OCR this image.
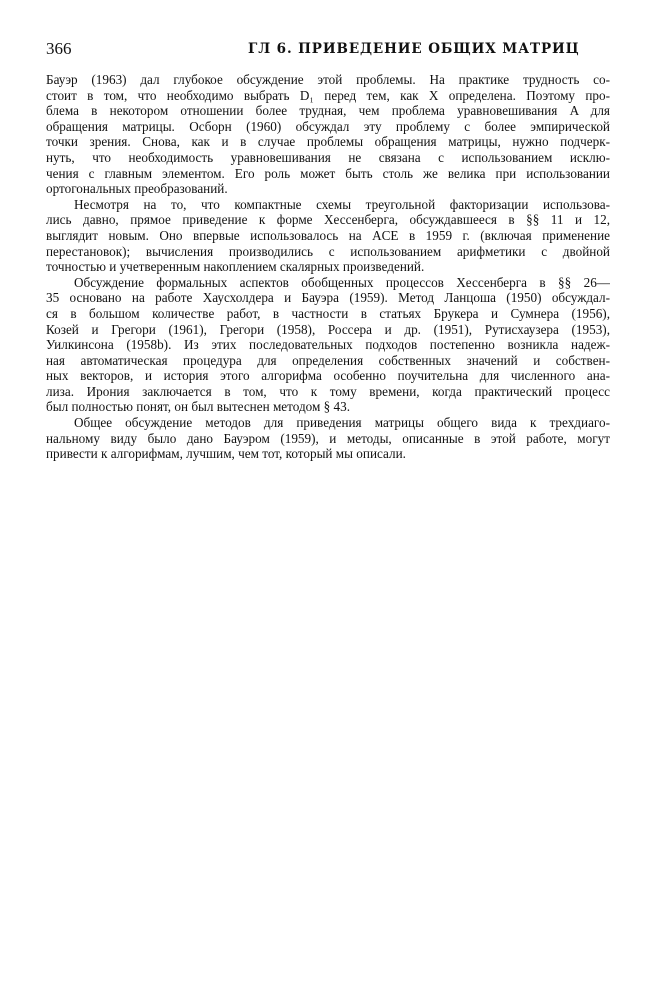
366	ГЛ 6. ПРИВЕДЕНИЕ ОБЩИХ МАТРИЦ
Бауэр (1963) дал глубокое обсуждение этой проблемы. На практике трудность со-
стоит в том, что необходимо выбрать D₁ перед тем, как X определена. Поэтому про-
блема в некотором отношении более трудная, чем проблема уравновешивания A для
обращения матрицы. Осборн (1960) обсуждал эту проблему с более эмпирической
точки зрения. Снова, как и в случае проблемы обращения матрицы, нужно подчерк-
нуть, что необходимость уравновешивания не связана с использованием исклю-
чения с главным элементом. Его роль может быть столь же велика при использовании
ортогональных преобразований.
Несмотря на то, что компактные схемы треугольной факторизации использова-
лись давно, прямое приведение к форме Хессенберга, обсуждавшееся в §§ 11 и 12,
выглядит новым. Оно впервые использовалось на ACE в 1959 г. (включая применение
перестановок); вычисления производились с использованием арифметики с двойной
точностью и учетверенным накоплением скалярных произведений.
Обсуждение формальных аспектов обобщенных процессов Хессенберга в §§ 26—
35 основано на работе Хаусхолдера и Бауэра (1959). Метод Ланцоша (1950) обсуждал-
ся в большом количестве работ, в частности в статьях Брукера и Сумнера (1956),
Козей и Грегори (1961), Грегори (1958), Россера и др. (1951), Рутисхаузера (1953),
Уилкинсона (1958b). Из этих последовательных подходов постепенно возникла надеж-
ная автоматическая процедура для определения собственных значений и собствен-
ных векторов, и история этого алгорифма особенно поучительна для численного ана-
лиза. Ирония заключается в том, что к тому времени, когда практический процесс
был полностью понят, он был вытеснен методом § 43.
Общее обсуждение методов для приведения матрицы общего вида к трехдиаго-
нальному виду было дано Бауэром (1959), и методы, описанные в этой работе, могут
привести к алгорифмам, лучшим, чем тот, который мы описали.
